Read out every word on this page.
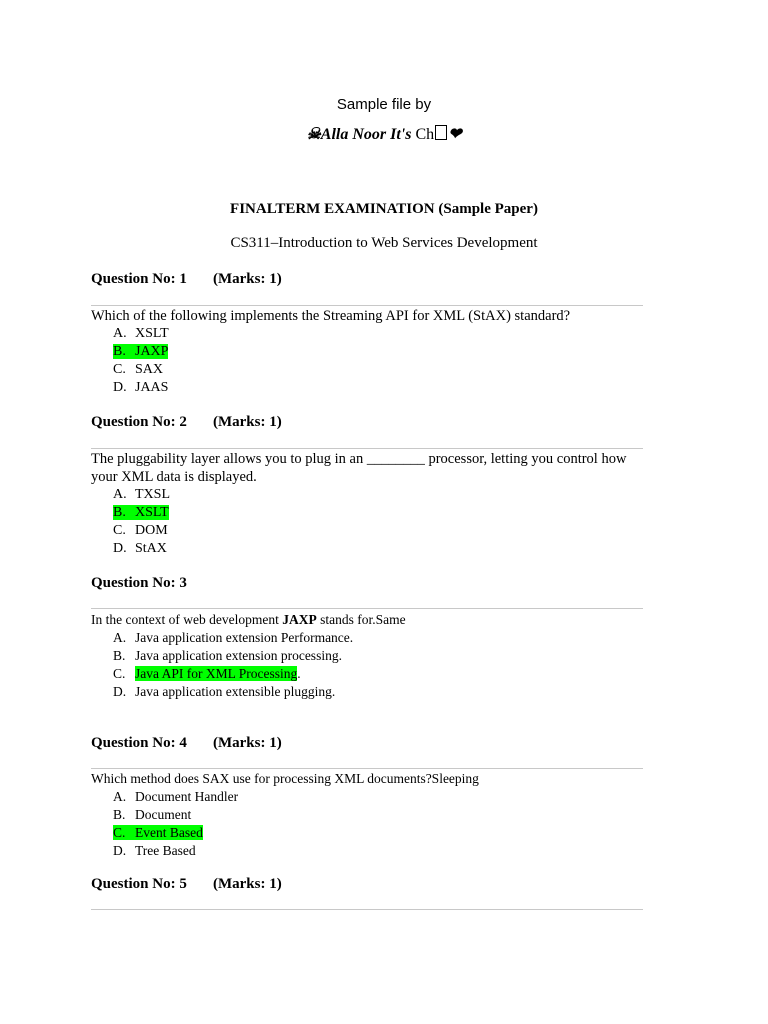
Sample file by
☠Alla Noor It's Ch ❤
FINALTERM EXAMINATION (Sample Paper)
CS311–Introduction to Web Services Development
Question No: 1 (Marks: 1)
Which of the following implements the Streaming API for XML (StAX) standard?
A. XSLT
B. JAXP
C. SAX
D. JAAS
Question No: 2 (Marks: 1)
The pluggability layer allows you to plug in an ________ processor, letting you control how
your XML data is displayed.
A. TXSL
B. XSLT
C. DOM
D. StAX
Question No: 3
In the context of web development JAXP stands for.Same
A. Java application extension Performance.
B. Java application extension processing.
C. Java API for XML Processing.
D. Java application extensible plugging.
Question No: 4 (Marks: 1)
Which method does SAX use for processing XML documents?Sleeping
A. Document Handler
B. Document
C. Event Based
D. Tree Based
Question No: 5 (Marks: 1)
